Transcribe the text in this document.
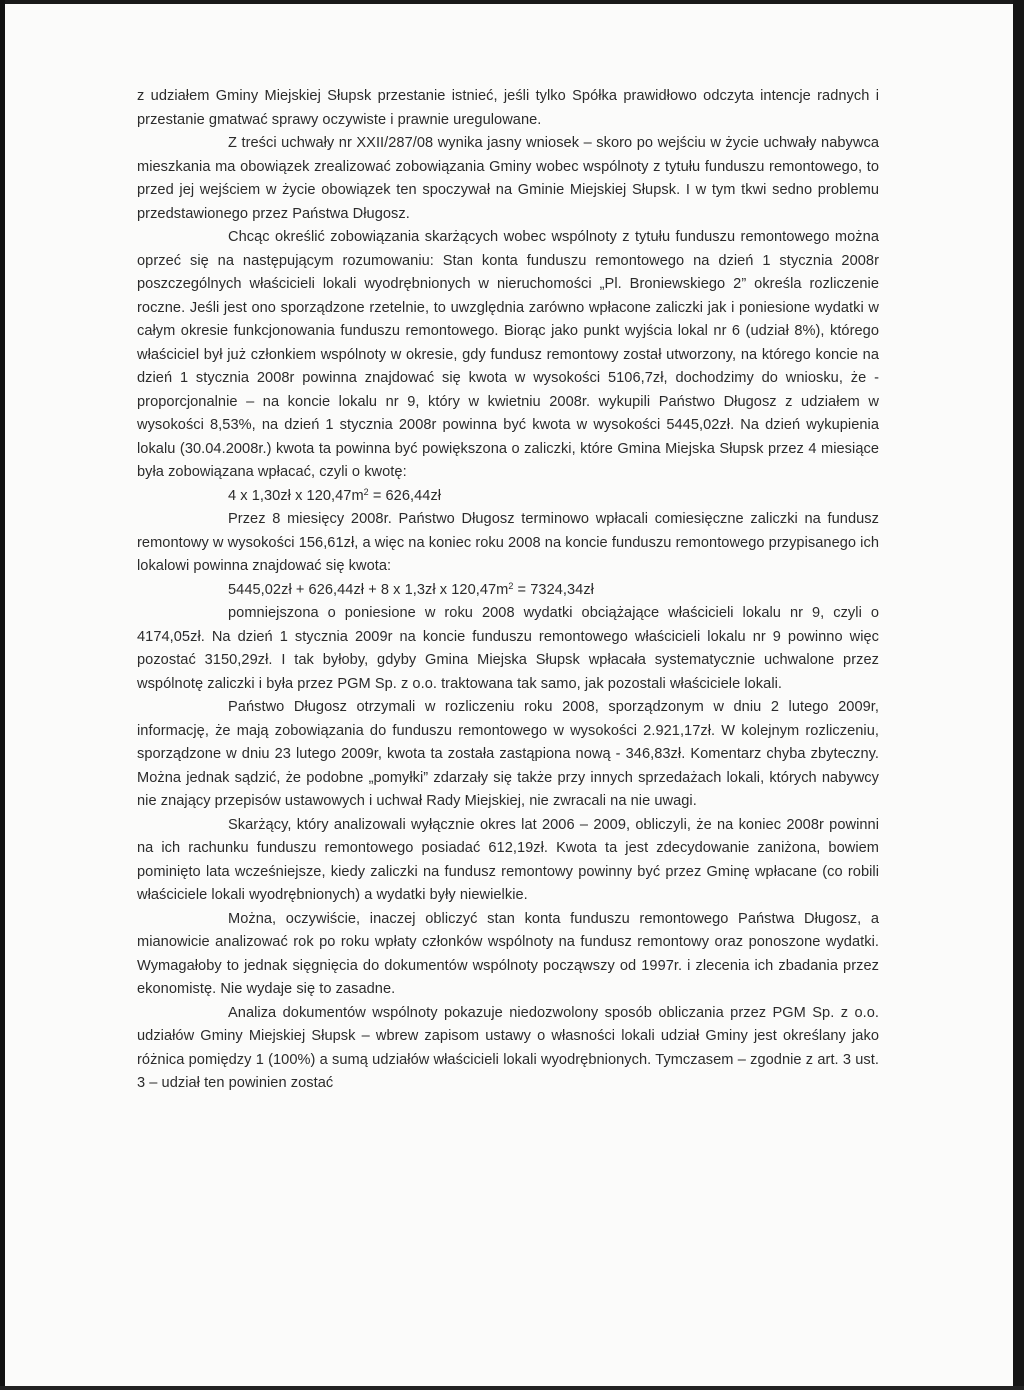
z udziałem Gminy Miejskiej Słupsk przestanie istnieć, jeśli tylko Spółka prawidłowo odczyta intencje radnych i przestanie gmatwać sprawy oczywiste i prawnie uregulowane.

Z treści uchwały nr XXII/287/08 wynika jasny wniosek – skoro po wejściu w życie uchwały nabywca mieszkania ma obowiązek zrealizować zobowiązania Gminy wobec wspólnoty z tytułu funduszu remontowego, to przed jej wejściem w życie obowiązek ten spoczywał na Gminie Miejskiej Słupsk. I w tym tkwi sedno problemu przedstawionego przez Państwa Długosz.

Chcąc określić zobowiązania skarżących wobec wspólnoty z tytułu funduszu remontowego można oprzeć się na następującym rozumowaniu: Stan konta funduszu remontowego na dzień 1 stycznia 2008r poszczególnych właścicieli lokali wyodrębnionych w nieruchomości „Pl. Broniewskiego 2” określa rozliczenie roczne. Jeśli jest ono sporządzone rzetelnie, to uwzględnia zarówno wpłacone zaliczki jak i poniesione wydatki w całym okresie funkcjonowania funduszu remontowego. Biorąc jako punkt wyjścia lokal nr 6 (udział 8%), którego właściciel był już członkiem wspólnoty w okresie, gdy fundusz remontowy został utworzony, na którego koncie na dzień 1 stycznia 2008r powinna znajdować się kwota w wysokości 5106,7zł, dochodzimy do wniosku, że - proporcjonalnie – na koncie lokalu nr 9, który w kwietniu 2008r. wykupili Państwo Długosz z udziałem w wysokości 8,53%, na dzień 1 stycznia 2008r powinna być kwota w wysokości 5445,02zł. Na dzień wykupienia lokalu (30.04.2008r.) kwota ta powinna być powiększona o zaliczki, które Gmina Miejska Słupsk przez 4 miesiące była zobowiązana wpłacać, czyli o kwotę:

4 x 1,30zł x $120,47m^2$ = 626,44zł

Przez 8 miesięcy 2008r. Państwo Długosz terminowo wpłacali comiesięczne zaliczki na fundusz remontowy w wysokości 156,61zł, a więc na koniec roku 2008 na koncie funduszu remontowego przypisanego ich lokalowi powinna znajdować się kwota:

5445,02zł + 626,44zł + 8 x 1,3zł x $120,47m^2$ = 7324,34zł

pomniejszona o poniesione w roku 2008 wydatki obciążające właścicieli lokalu nr 9, czyli o 4174,05zł. Na dzień 1 stycznia 2009r na koncie funduszu remontowego właścicieli lokalu nr 9 powinno więc pozostać 3150,29zł. I tak byłoby, gdyby Gmina Miejska Słupsk wpłacała systematycznie uchwalone przez wspólnotę zaliczki i była przez PGM Sp. z o.o. traktowana tak samo, jak pozostali właściciele lokali.

Państwo Długosz otrzymali w rozliczeniu roku 2008, sporządzonym w dniu 2 lutego 2009r, informację, że mają zobowiązania do funduszu remontowego w wysokości 2.921,17zł. W kolejnym rozliczeniu, sporządzone w dniu 23 lutego 2009r, kwota ta została zastąpiona nową - 346,83zł. Komentarz chyba zbyteczny. Można jednak sądzić, że podobne „pomyłki” zdarzały się także przy innych sprzedażach lokali, których nabywcy nie znający przepisów ustawowych i uchwał Rady Miejskiej, nie zwracali na nie uwagi.

Skarżący, który analizowali wyłącznie okres lat 2006 – 2009, obliczyli, że na koniec 2008r powinni na ich rachunku funduszu remontowego posiadać 612,19zł. Kwota ta jest zdecydowanie zaniżona, bowiem pominięto lata wcześniejsze, kiedy zaliczki na fundusz remontowy powinny być przez Gminę wpłacane (co robili właściciele lokali wyodrębnionych) a wydatki były niewielkie.

Można, oczywiście, inaczej obliczyć stan konta funduszu remontowego Państwa Długosz, a mianowicie analizować rok po roku wpłaty członków wspólnoty na fundusz remontowy oraz ponoszone wydatki. Wymagałoby to jednak sięgnięcia do dokumentów wspólnoty począwszy od 1997r. i zlecenia ich zbadania przez ekonomistę. Nie wydaje się to zasadne.

Analiza dokumentów wspólnoty pokazuje niedozwolony sposób obliczania przez PGM Sp. z o.o. udziałów Gminy Miejskiej Słupsk – wbrew zapisom ustawy o własności lokali udział Gminy jest określany jako różnica pomiędzy 1 (100%) a sumą udziałów właścicieli lokali wyodrębnionych. Tymczasem – zgodnie z art. 3 ust. 3 – udział ten powinien zostać
